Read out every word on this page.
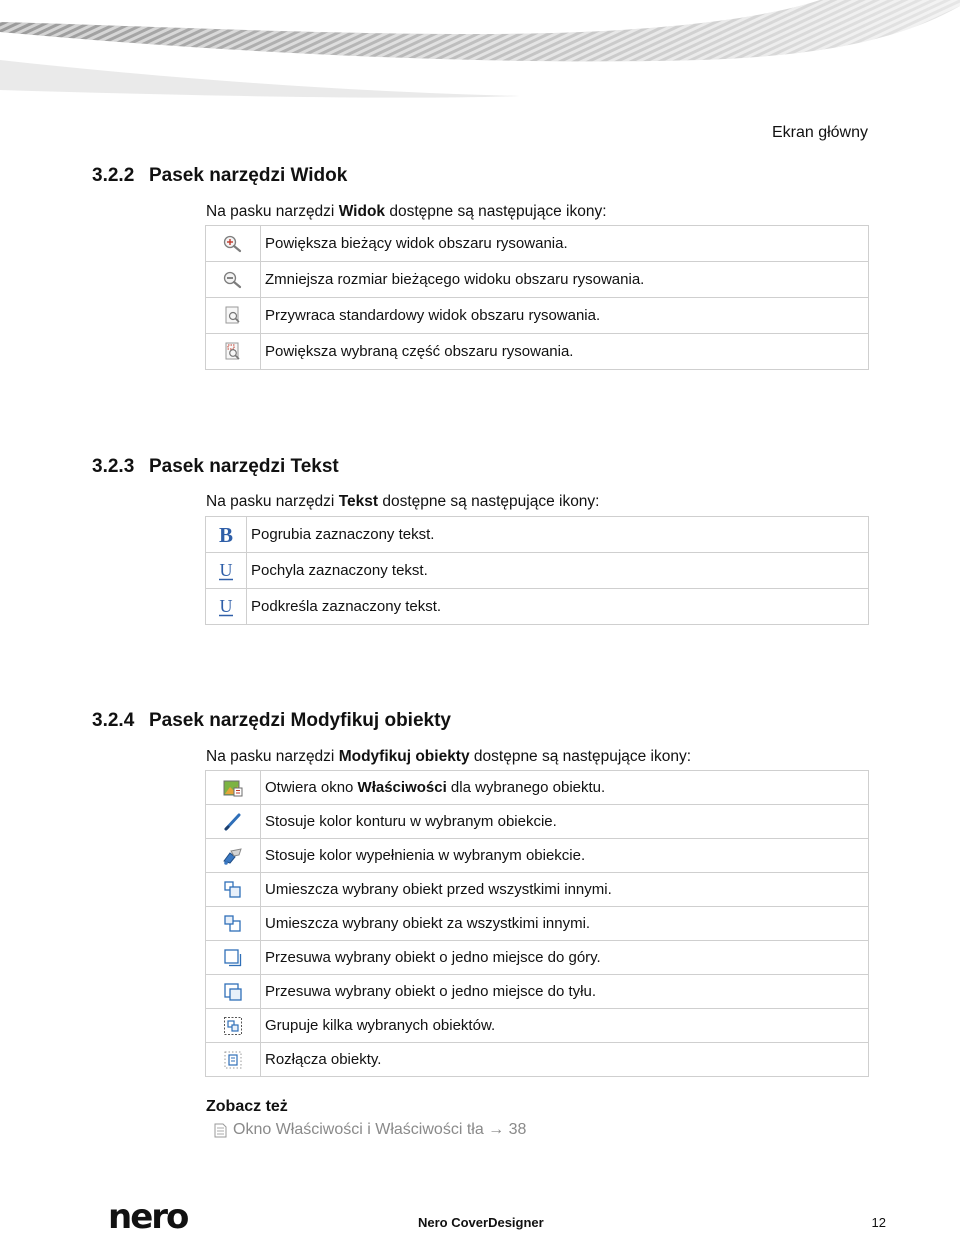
Ekran główny
3.2.2 Pasek narzędzi Widok
Na pasku narzędzi Widok dostępne są następujące ikony:
	Powiększa bieżący widok obszaru rysowania.
	Zmniejsza rozmiar bieżącego widoku obszaru rysowania.
	Przywraca standardowy widok obszaru rysowania.
	Powiększa wybraną część obszaru rysowania.
3.2.3 Pasek narzędzi Tekst
Na pasku narzędzi Tekst dostępne są następujące ikony:
B	Pogrubia zaznaczony tekst.

U	Pochyla zaznaczony tekst.

U	Podkreśla zaznaczony tekst.
3.2.4 Pasek narzędzi Modyfikuj obiekty
Na pasku narzędzi Modyfikuj obiekty dostępne są następujące ikony:
	Otwiera okno Właściwości dla wybranego obiektu.
	Stosuje kolor konturu w wybranym obiekcie.
	Stosuje kolor wypełnienia w wybranym obiekcie.
	Umieszcza wybrany obiekt przed wszystkimi innymi.
	Umieszcza wybrany obiekt za wszystkimi innymi.
	Przesuwa wybrany obiekt o jedno miejsce do góry.
	Przesuwa wybrany obiekt o jedno miejsce do tyłu.
	Grupuje kilka wybranych obiektów.
	Rozłącza obiekty.
Zobacz też
Okno Właściwości i Właściwości tła
→
38
nero	Nero CoverDesigner	12
